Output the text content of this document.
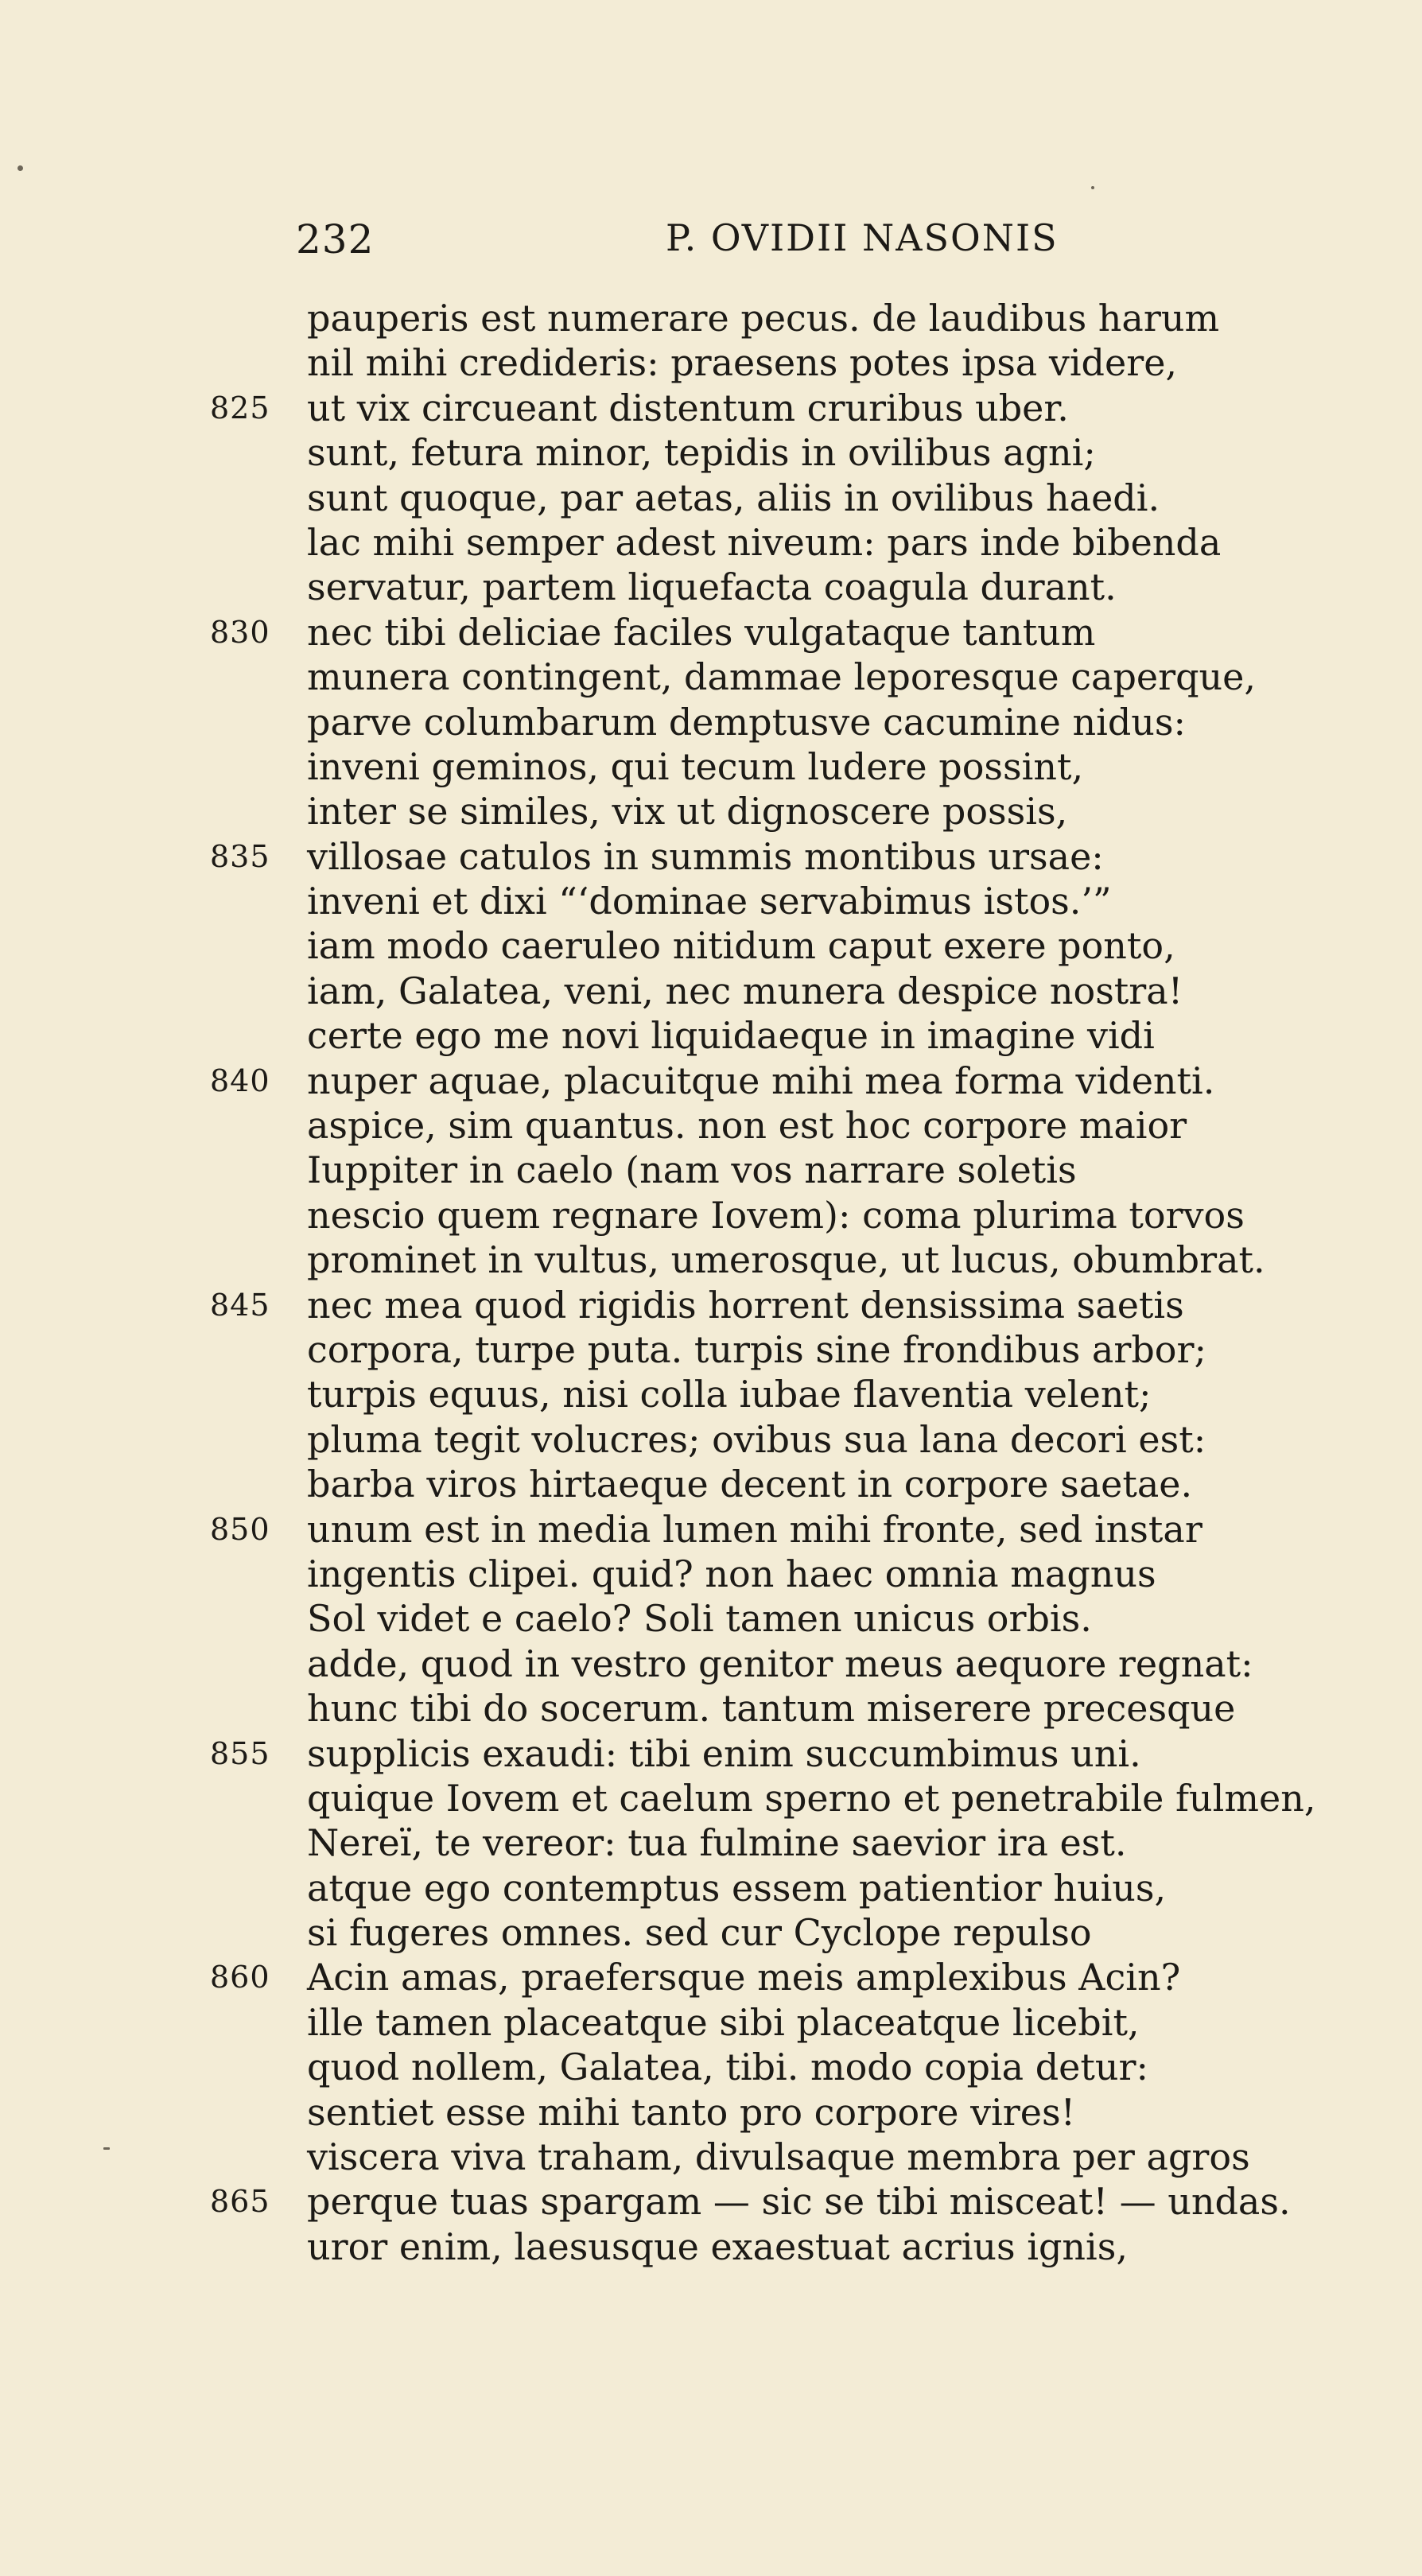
232	P. OVIDII NASONIS
pauperis est numerare pecus. de laudibus harum
nil mihi credideris: praesens potes ipsa videre,
825 ut vix circueant distentum cruribus uber.
sunt, fetura minor, tepidis in ovilibus agni;
sunt quoque, par aetas, aliis in ovilibus haedi.
lac mihi semper adest niveum: pars inde bibenda
servatur, partem liquefacta coagula durant.
830 nec tibi deliciae faciles vulgataque tantum
munera contingent, dammae leporesque caperque,
parve columbarum demptusve cacumine nidus:
inveni geminos, qui tecum ludere possint,
inter se similes, vix ut dignoscere possis,
835 villosae catulos in summis montibus ursae:
inveni et dixi “‘dominae servabimus istos.’”
iam modo caeruleo nitidum caput exere ponto,
iam, Galatea, veni, nec munera despice nostra!
certe ego me novi liquidaeque in imagine vidi
840 nuper aquae, placuitque mihi mea forma videnti.
aspice, sim quantus. non est hoc corpore maior
Iuppiter in caelo (nam vos narrare soletis
nescio quem regnare Iovem): coma plurima torvos
prominet in vultus, umerosque, ut lucus, obumbrat.
845 nec mea quod rigidis horrent densissima saetis
corpora, turpe puta. turpis sine frondibus arbor;
turpis equus, nisi colla iubae flaventia velent;
pluma tegit volucres; ovibus sua lana decori est:
barba viros hirtaeque decent in corpore saetae.
850 unum est in media lumen mihi fronte, sed instar
ingentis clipei. quid? non haec omnia magnus
Sol videt e caelo? Soli tamen unicus orbis.
adde, quod in vestro genitor meus aequore regnat:
hunc tibi do socerum. tantum miserere precesque
855 supplicis exaudi: tibi enim succumbimus uni.
quique Iovem et caelum sperno et penetrabile fulmen,
Nereï, te vereor: tua fulmine saevior ira est.
atque ego contemptus essem patientior huius,
si fugeres omnes. sed cur Cyclope repulso
860 Acin amas, praefersque meis amplexibus Acin?
ille tamen placeatque sibi placeatque licebit,
quod nollem, Galatea, tibi. modo copia detur:
sentiet esse mihi tanto pro corpore vires!
viscera viva traham, divulsaque membra per agros
865 perque tuas spargam — sic se tibi misceat! — undas.
uror enim, laesusque exaestuat acrius ignis,
